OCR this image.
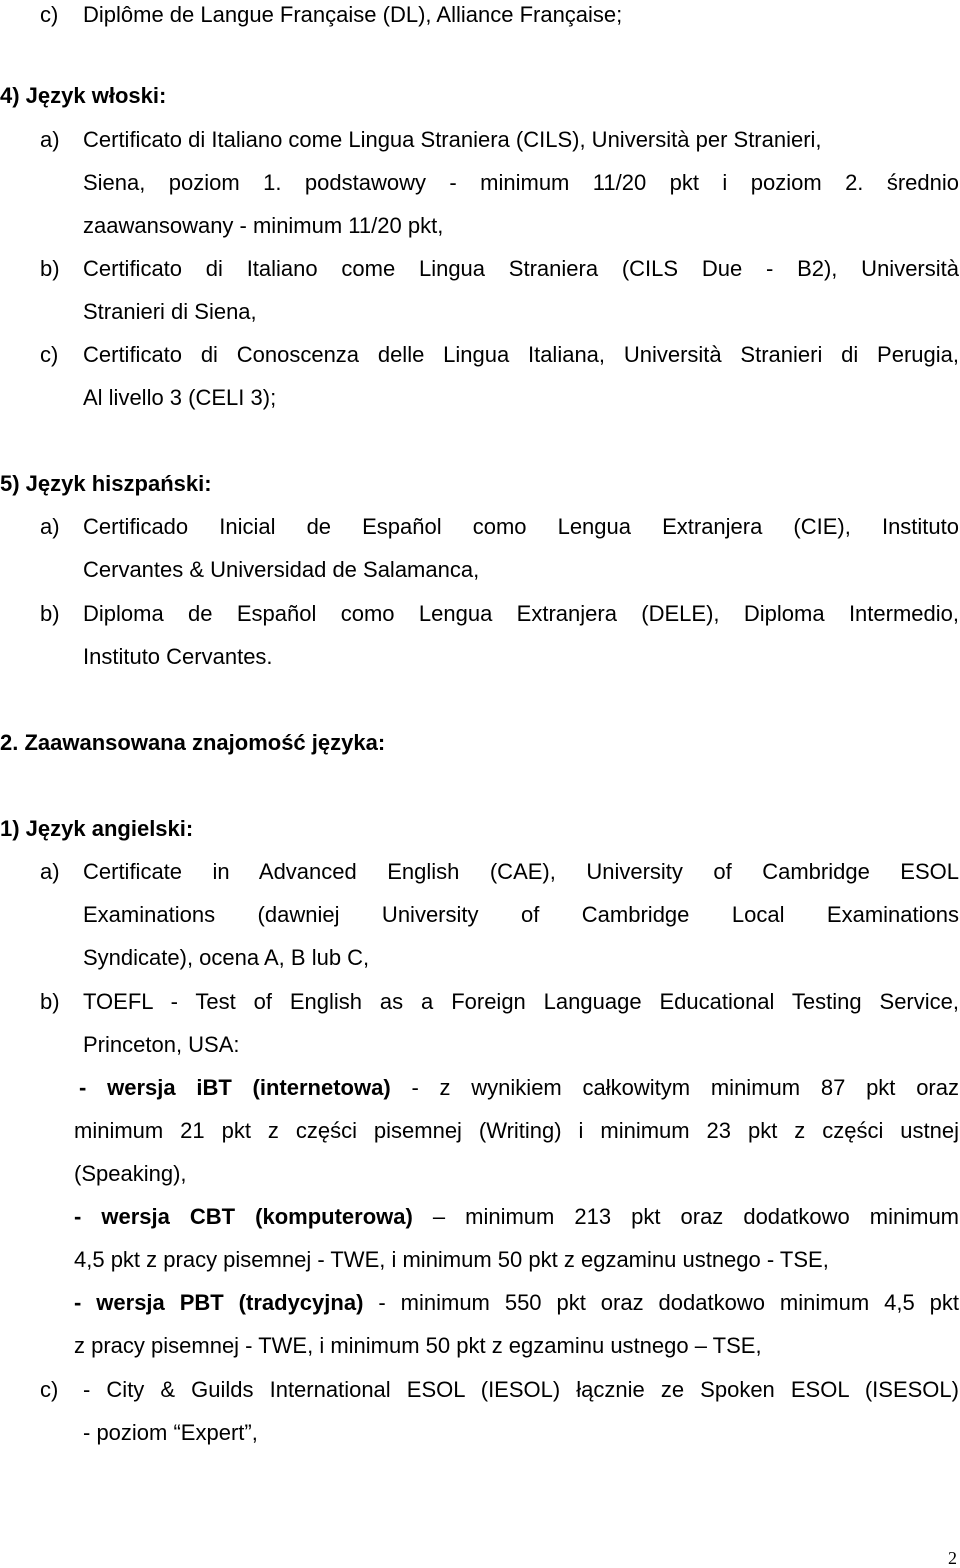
c) Diplôme de Langue Française (DL), Alliance Française;
4) Język włoski:
a) Certificato di Italiano come Lingua Straniera (CILS), Università per Stranieri,
Siena, poziom 1. podstawowy - minimum 11/20 pkt i poziom 2. średnio
zaawansowany - minimum 11/20 pkt,
b) Certificato di Italiano come Lingua Straniera (CILS Due - B2), Università
Stranieri di Siena,
c) Certificato di Conoscenza delle Lingua Italiana, Università Stranieri di Perugia,
Al livello 3 (CELI 3);
5) Język hiszpański:
a) Certificado Inicial de Español como Lengua Extranjera (CIE), Instituto
Cervantes & Universidad de Salamanca,
b) Diploma de Español como Lengua Extranjera (DELE), Diploma Intermedio,
Instituto Cervantes.
2. Zaawansowana znajomość języka:
1) Język angielski:
a) Certificate in Advanced English (CAE), University of Cambridge ESOL
Examinations (dawniej University of Cambridge Local Examinations
Syndicate), ocena A, B lub C,
b) TOEFL - Test of English as a Foreign Language Educational Testing Service,
Princeton, USA:
- wersja iBT (internetowa) - z wynikiem całkowitym minimum 87 pkt oraz
minimum 21 pkt z części pisemnej (Writing) i minimum 23 pkt z części ustnej
(Speaking),
- wersja CBT (komputerowa) – minimum 213 pkt oraz dodatkowo minimum
4,5 pkt z pracy pisemnej - TWE, i minimum 50 pkt z egzaminu ustnego - TSE,
- wersja PBT (tradycyjna) - minimum 550 pkt oraz dodatkowo minimum 4,5 pkt
z pracy pisemnej - TWE, i minimum 50 pkt z egzaminu ustnego – TSE,
c) - City & Guilds International ESOL (IESOL) łącznie ze Spoken ESOL (ISESOL)
- poziom “Expert”,
2
